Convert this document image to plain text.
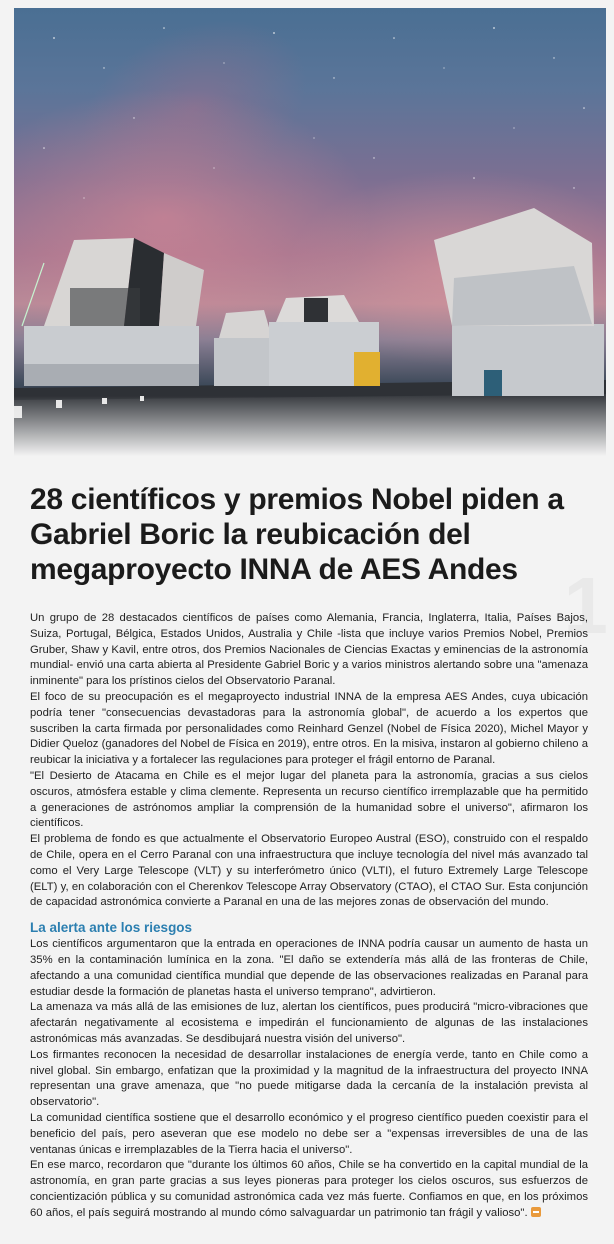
28 científicos y premios Nobel piden a Gabriel Boric la reubicación del megaproyecto INNA de AES Andes

Un grupo de 28 destacados científicos de países como Alemania, Francia, Inglaterra, Italia, Países Bajos, Suiza, Portugal, Bélgica, Estados Unidos, Australia y Chile -lista que incluye varios Premios Nobel, Premios Gruber, Shaw y Kavil, entre otros, dos Premios Nacionales de Ciencias Exactas y eminencias de la astronomía mundial- envió una carta abierta al Presidente Gabriel Boric y a varios ministros alertando sobre una "amenaza inminente" para los prístinos cielos del Observatorio Paranal.

El foco de su preocupación es el megaproyecto industrial INNA de la empresa AES Andes, cuya ubicación podría tener "consecuencias devastadoras para la astronomía global", de acuerdo a los expertos que suscriben la carta firmada por personalidades como Reinhard Genzel (Nobel de Física 2020), Michel Mayor y Didier Queloz (ganadores del Nobel de Física en 2019), entre otros. En la misiva, instaron al gobierno chileno a reubicar la iniciativa y a fortalecer las regulaciones para proteger el frágil entorno de Paranal.

"El Desierto de Atacama en Chile es el mejor lugar del planeta para la astronomía, gracias a sus cielos oscuros, atmósfera estable y clima clemente. Representa un recurso científico irremplazable que ha permitido a generaciones de astrónomos ampliar la comprensión de la humanidad sobre el universo", afirmaron los científicos.

El problema de fondo es que actualmente el Observatorio Europeo Austral (ESO), construido con el respaldo de Chile, opera en el Cerro Paranal con una infraestructura que incluye tecnología del nivel más avanzado tal como el Very Large Telescope (VLT) y su interferómetro único (VLTI), el futuro Extremely Large Telescope (ELT) y, en colaboración con el Cherenkov Telescope Array Observatory (CTAO), el CTAO Sur. Esta conjunción de capacidad astronómica convierte a Paranal en una de las mejores zonas de observación del mundo.

La alerta ante los riesgos

Los científicos argumentaron que la entrada en operaciones de INNA podría causar un aumento de hasta un 35% en la contaminación lumínica en la zona. "El daño se extendería más allá de las fronteras de Chile, afectando a una comunidad científica mundial que depende de las observaciones realizadas en Paranal para estudiar desde la formación de planetas hasta el universo temprano", advirtieron.

La amenaza va más allá de las emisiones de luz, alertan los científicos, pues producirá "micro-vibraciones que afectarán negativamente al ecosistema e impedirán el funcionamiento de algunas de las instalaciones astronómicas más avanzadas. Se desdibujará nuestra visión del universo".

Los firmantes reconocen la necesidad de desarrollar instalaciones de energía verde, tanto en Chile como a nivel global. Sin embargo, enfatizan que la proximidad y la magnitud de la infraestructura del proyecto INNA representan una grave amenaza, que "no puede mitigarse dada la cercanía de la instalación prevista al observatorio".

La comunidad científica sostiene que el desarrollo económico y el progreso científico pueden coexistir para el beneficio del país, pero aseveran que ese modelo no debe ser a "expensas irreversibles de una de las ventanas únicas e irremplazables de la Tierra hacia el universo".

En ese marco, recordaron que "durante los últimos 60 años, Chile se ha convertido en la capital mundial de la astronomía, en gran parte gracias a sus leyes pioneras para proteger los cielos oscuros, sus esfuerzos de concientización pública y su comunidad astronómica cada vez más fuerte. Confiamos en que, en los próximos 60 años, el país seguirá mostrando al mundo cómo salvaguardar un patrimonio tan frágil y valioso".
